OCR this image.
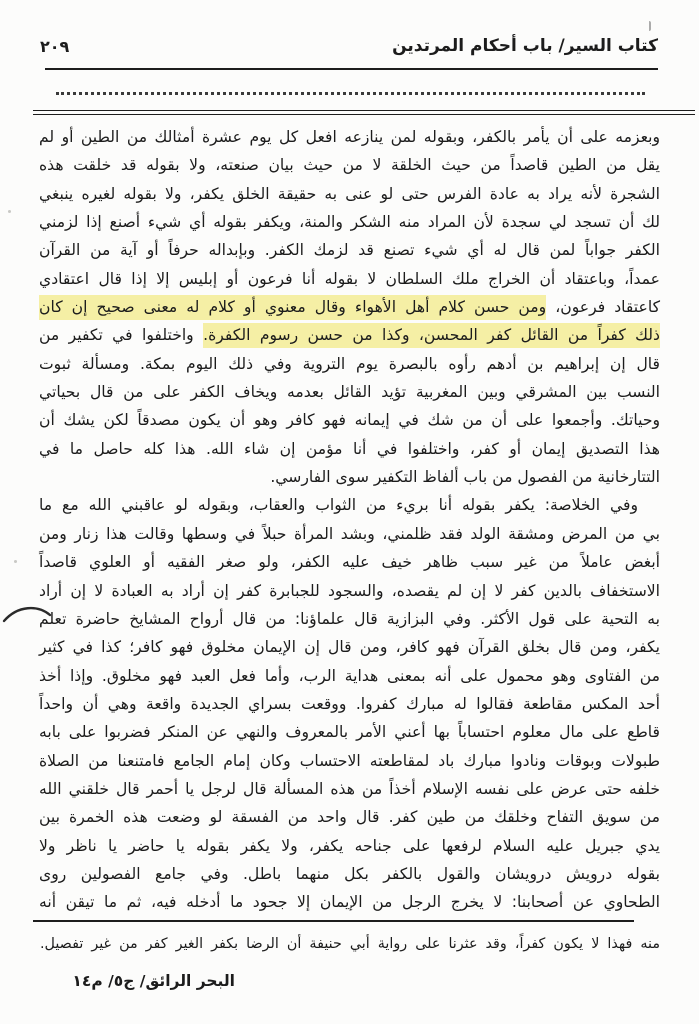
كتاب السير/ باب أحكام المرتدين
٢٠٩
وبعزمه على أن يأمر بالكفر، وبقوله لمن ينازعه افعل كل يوم عشرة أمثالك من الطين أو لم
يقل من الطين قاصداً من حيث الخلقة لا من حيث بيان صنعته، ولا بقوله قد خلقت هذه
الشجرة لأنه يراد به عادة الفرس حتى لو عنى به حقيقة الخلق يكفر، ولا بقوله لغيره ينبغي
لك أن تسجد لي سجدة لأن المراد منه الشكر والمنة، ويكفر بقوله أي شيء أصنع إذا لزمني
الكفر جواباً لمن قال له أي شيء تصنع قد لزمك الكفر. وبإبداله حرفاً أو آية من القرآن
عمداً، وباعتقاد أن الخراج ملك السلطان لا بقوله أنا فرعون أو إبليس إلا إذا قال اعتقادي
كاعتقاد فرعون، ومن حسن كلام أهل الأهواء وقال معنوي أو كلام له معنى صحيح إن كان
ذلك كفراً من القائل كفر المحسن، وكذا من حسن رسوم الكفرة. واختلفوا في تكفير من
قال إن إبراهيم بن أدهم رأوه بالبصرة يوم التروية وفي ذلك اليوم بمكة. ومسألة ثبوت
النسب بين المشرقي وبين المغربية تؤيد القائل بعدمه ويخاف الكفر على من قال بحياتي
وحياتك. وأجمعوا على أن من شك في إيمانه فهو كافر وهو أن يكون مصدقاً لكن يشك أن
هذا التصديق إيمان أو كفر، واختلفوا في أنا مؤمن إن شاء الله. هذا كله حاصل ما في
التتارخانية من الفصول من باب ألفاظ التكفير سوى الفارسي.
وفي الخلاصة: يكفر بقوله أنا بريء من الثواب والعقاب، وبقوله لو عاقبني الله مع ما
بي من المرض ومشقة الولد فقد ظلمني، وبشد المرأة حبلاً في وسطها وقالت هذا زنار ومن
أبغض عاملاً من غير سبب ظاهر خيف عليه الكفر، ولو صغر الفقيه أو العلوي قاصداً
الاستخفاف بالدين كفر لا إن لم يقصده، والسجود للجبابرة كفر إن أراد به العبادة لا إن أراد
به التحية على قول الأكثر. وفي البزازية قال علماؤنا: من قال أرواح المشايخ حاضرة تعلم
يكفر، ومن قال بخلق القرآن فهو كافر، ومن قال إن الإيمان مخلوق فهو كافر؛ كذا في كثير
من الفتاوى وهو محمول على أنه بمعنى هداية الرب، وأما فعل العبد فهو مخلوق. وإذا أخذ
أحد المكس مقاطعة فقالوا له مبارك كفروا. ووقعت بسراي الجديدة واقعة وهي أن واحداً
قاطع على مال معلوم احتساباً بها أعني الأمر بالمعروف والنهي عن المنكر فضربوا على بابه
طبولات وبوقات ونادوا مبارك باد لمقاطعته الاحتساب وكان إمام الجامع فامتنعنا من الصلاة
خلفه حتى عرض على نفسه الإسلام أخذاً من هذه المسألة قال لرجل يا أحمر قال خلقني الله
من سويق التفاح وخلقك من طين كفر. قال واحد من الفسقة لو وضعت هذه الخمرة بين
يدي جبريل عليه السلام لرفعها على جناحه يكفر، ولا يكفر بقوله يا حاضر يا ناظر ولا
بقوله درويش درويشان والقول بالكفر بكل منهما باطل. وفي جامع الفصولين روى
الطحاوي عن أصحابنا: لا يخرج الرجل من الإيمان إلا جحود ما أدخله فيه، ثم ما تيقن أنه
منه فهذا لا يكون كفراً، وقد عثرنا على رواية أبي حنيفة أن الرضا بكفر الغير كفر من غير تفصيل.
البحر الرائق/ ج٥/ م١٤
